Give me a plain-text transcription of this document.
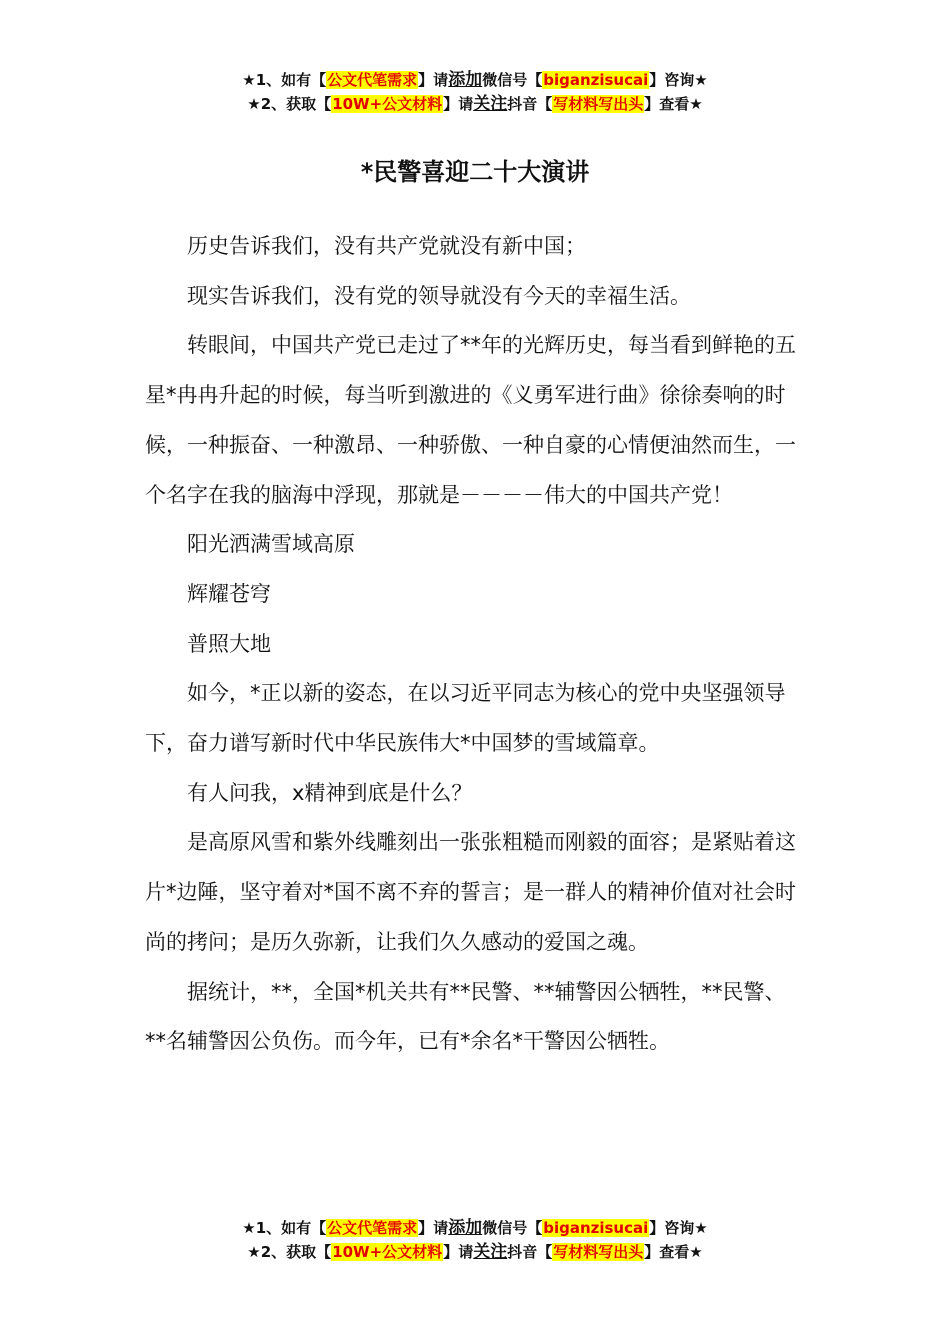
★1、如有【公文代笔需求】请添加微信号【biganzisucai】咨询★
★2、获取【10W+公文材料】请关注抖音【写材料写出头】查看★
*民警喜迎二十大演讲

历史告诉我们，没有共产党就没有新中国；

现实告诉我们，没有党的领导就没有今天的幸福生活。

转眼间，中国共产党已走过了**年的光辉历史，每当看到鲜艳的五星*冉冉升起的时候，每当听到激进的《义勇军进行曲》徐徐奏响的时候，一种振奋、一种激昂、一种骄傲、一种自豪的心情便油然而生，一个名字在我的脑海中浮现，那就是－－－－伟大的中国共产党！

阳光洒满雪域高原

辉耀苍穹

普照大地

如今，*正以新的姿态，在以习近平同志为核心的党中央坚强领导下，奋力谱写新时代中华民族伟大*中国梦的雪域篇章。

有人问我，x精神到底是什么？

是高原风雪和紫外线雕刻出一张张粗糙而刚毅的面容；是紧贴着这片*边陲，坚守着对*国不离不弃的誓言；是一群人的精神价值对社会时尚的拷问；是历久弥新，让我们久久感动的爱国之魂。

据统计，**，全国*机关共有**民警、**辅警因公牺牲，**民警、**名辅警因公负伤。而今年，已有*余名*干警因公牺牲。

★1、如有【公文代笔需求】请添加微信号【biganzisucai】咨询★
★2、获取【10W+公文材料】请关注抖音【写材料写出头】查看★
